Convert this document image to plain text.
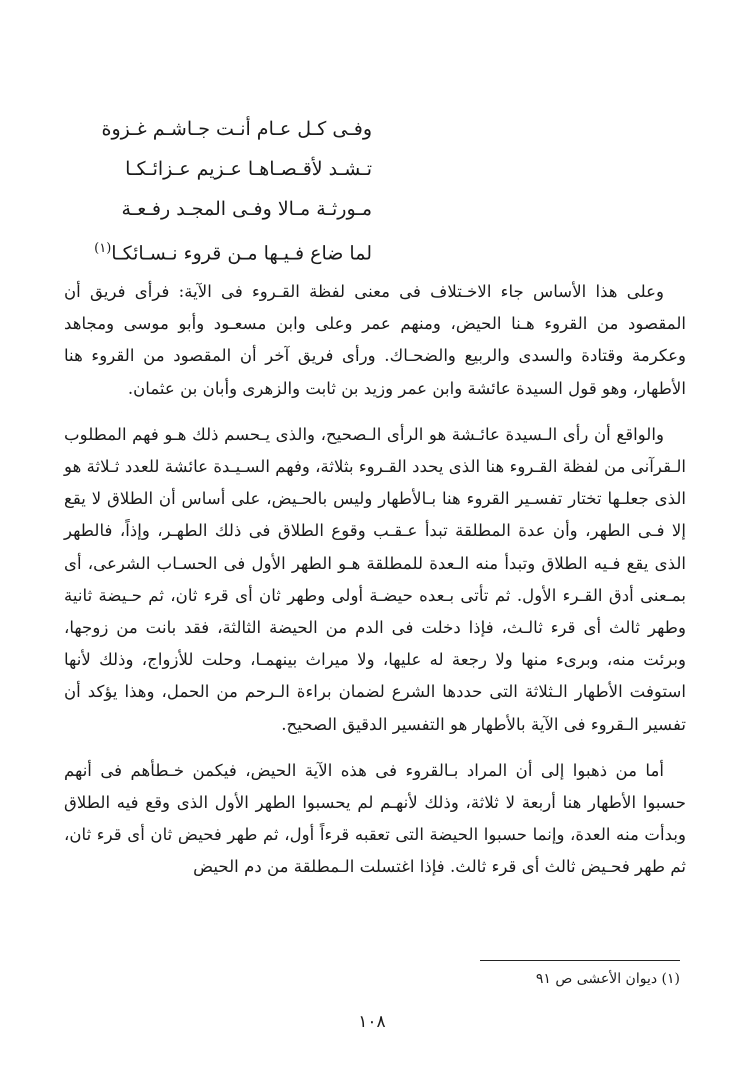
وفـى كـل عـام أنـت جـاشـم غـزوة
تـشـد لأقـصـاهـا عـزيم عـزائـكـا
مـورثـة مـالا وفـى المجـد رفـعـة
لما ضاع فـيـها مـن قروء نـسـائكـا$^{(١)}$

وعلى هذا الأساس جاء الاخـتلاف فى معنى لفظة القـروء فى الآية: فرأى فريق أن المقصود من القروء هـنا الحيض، ومنهم عمر وعلى وابن مسعـود وأبو موسى ومجاهد وعكرمة وقتادة والسدى والربيع والضحـاك. ورأى فريق آخر أن المقصود من القروء هنا الأطهار، وهو قول السيدة عائشة وابن عمر وزيد بن ثابت والزهرى وأبان بن عثمان.

والواقع أن رأى الـسيدة عائـشة هو الرأى الـصحيح، والذى يـحسم ذلك هـو فهم المطلوب الـقرآنى من لفظة القـروء هنا الذى يحدد القـروء بثلاثة، وفهم السـيـدة عائشة للعدد ثـلاثة هو الذى جعلـها تختار تفسـير القروء هنا بـالأطهار وليس بالحـيض، على أساس أن الطلاق لا يقع إلا فـى الطهر، وأن عدة المطلقة تبدأ عـقـب وقوع الطلاق فى ذلك الطهـر، وإذاً، فالطهر الذى يقع فـيه الطلاق وتبدأ منه الـعدة للمطلقة هـو الطهر الأول فى الحسـاب الشرعى، أى بمـعنى أدق القـرء الأول. ثم تأتى بـعده حيضـة أولى وطهر ثان أى قرء ثان، ثم حـيضة ثانية وطهر ثالث أى قرء ثالـث، فإذا دخلت فى الدم من الحيضة الثالثة، فقد بانت من زوجها، وبرئت منه، وبرىء منها ولا رجعة له عليها، ولا ميراث بينهمـا، وحلت للأزواج، وذلك لأنها استوفت الأطهار الـثلاثة التى حددها الشرع لضمان براءة الـرحم من الحمل، وهذا يؤكد أن تفسير الـقروء فى الآية بالأطهار هو التفسير الدقيق الصحيح.

أما من ذهبوا إلى أن المراد بـالقروء فى هذه الآية الحيض، فيكمن خـطأهم فى أنهم حسبوا الأطهار هنا أربعة لا ثلاثة، وذلك لأنهـم لم يحسبوا الطهر الأول الذى وقع فيه الطلاق وبدأت منه العدة، وإنما حسبوا الحيضة التى تعقبه قرءاً أول، ثم طهر فحيض ثان أى قرء ثان، ثم طهر فحـيض ثالث أى قرء ثالث. فإذا اغتسلت الـمطلقة من دم الحيض

(١) ديوان الأعشى ص ٩١
١٠٨
